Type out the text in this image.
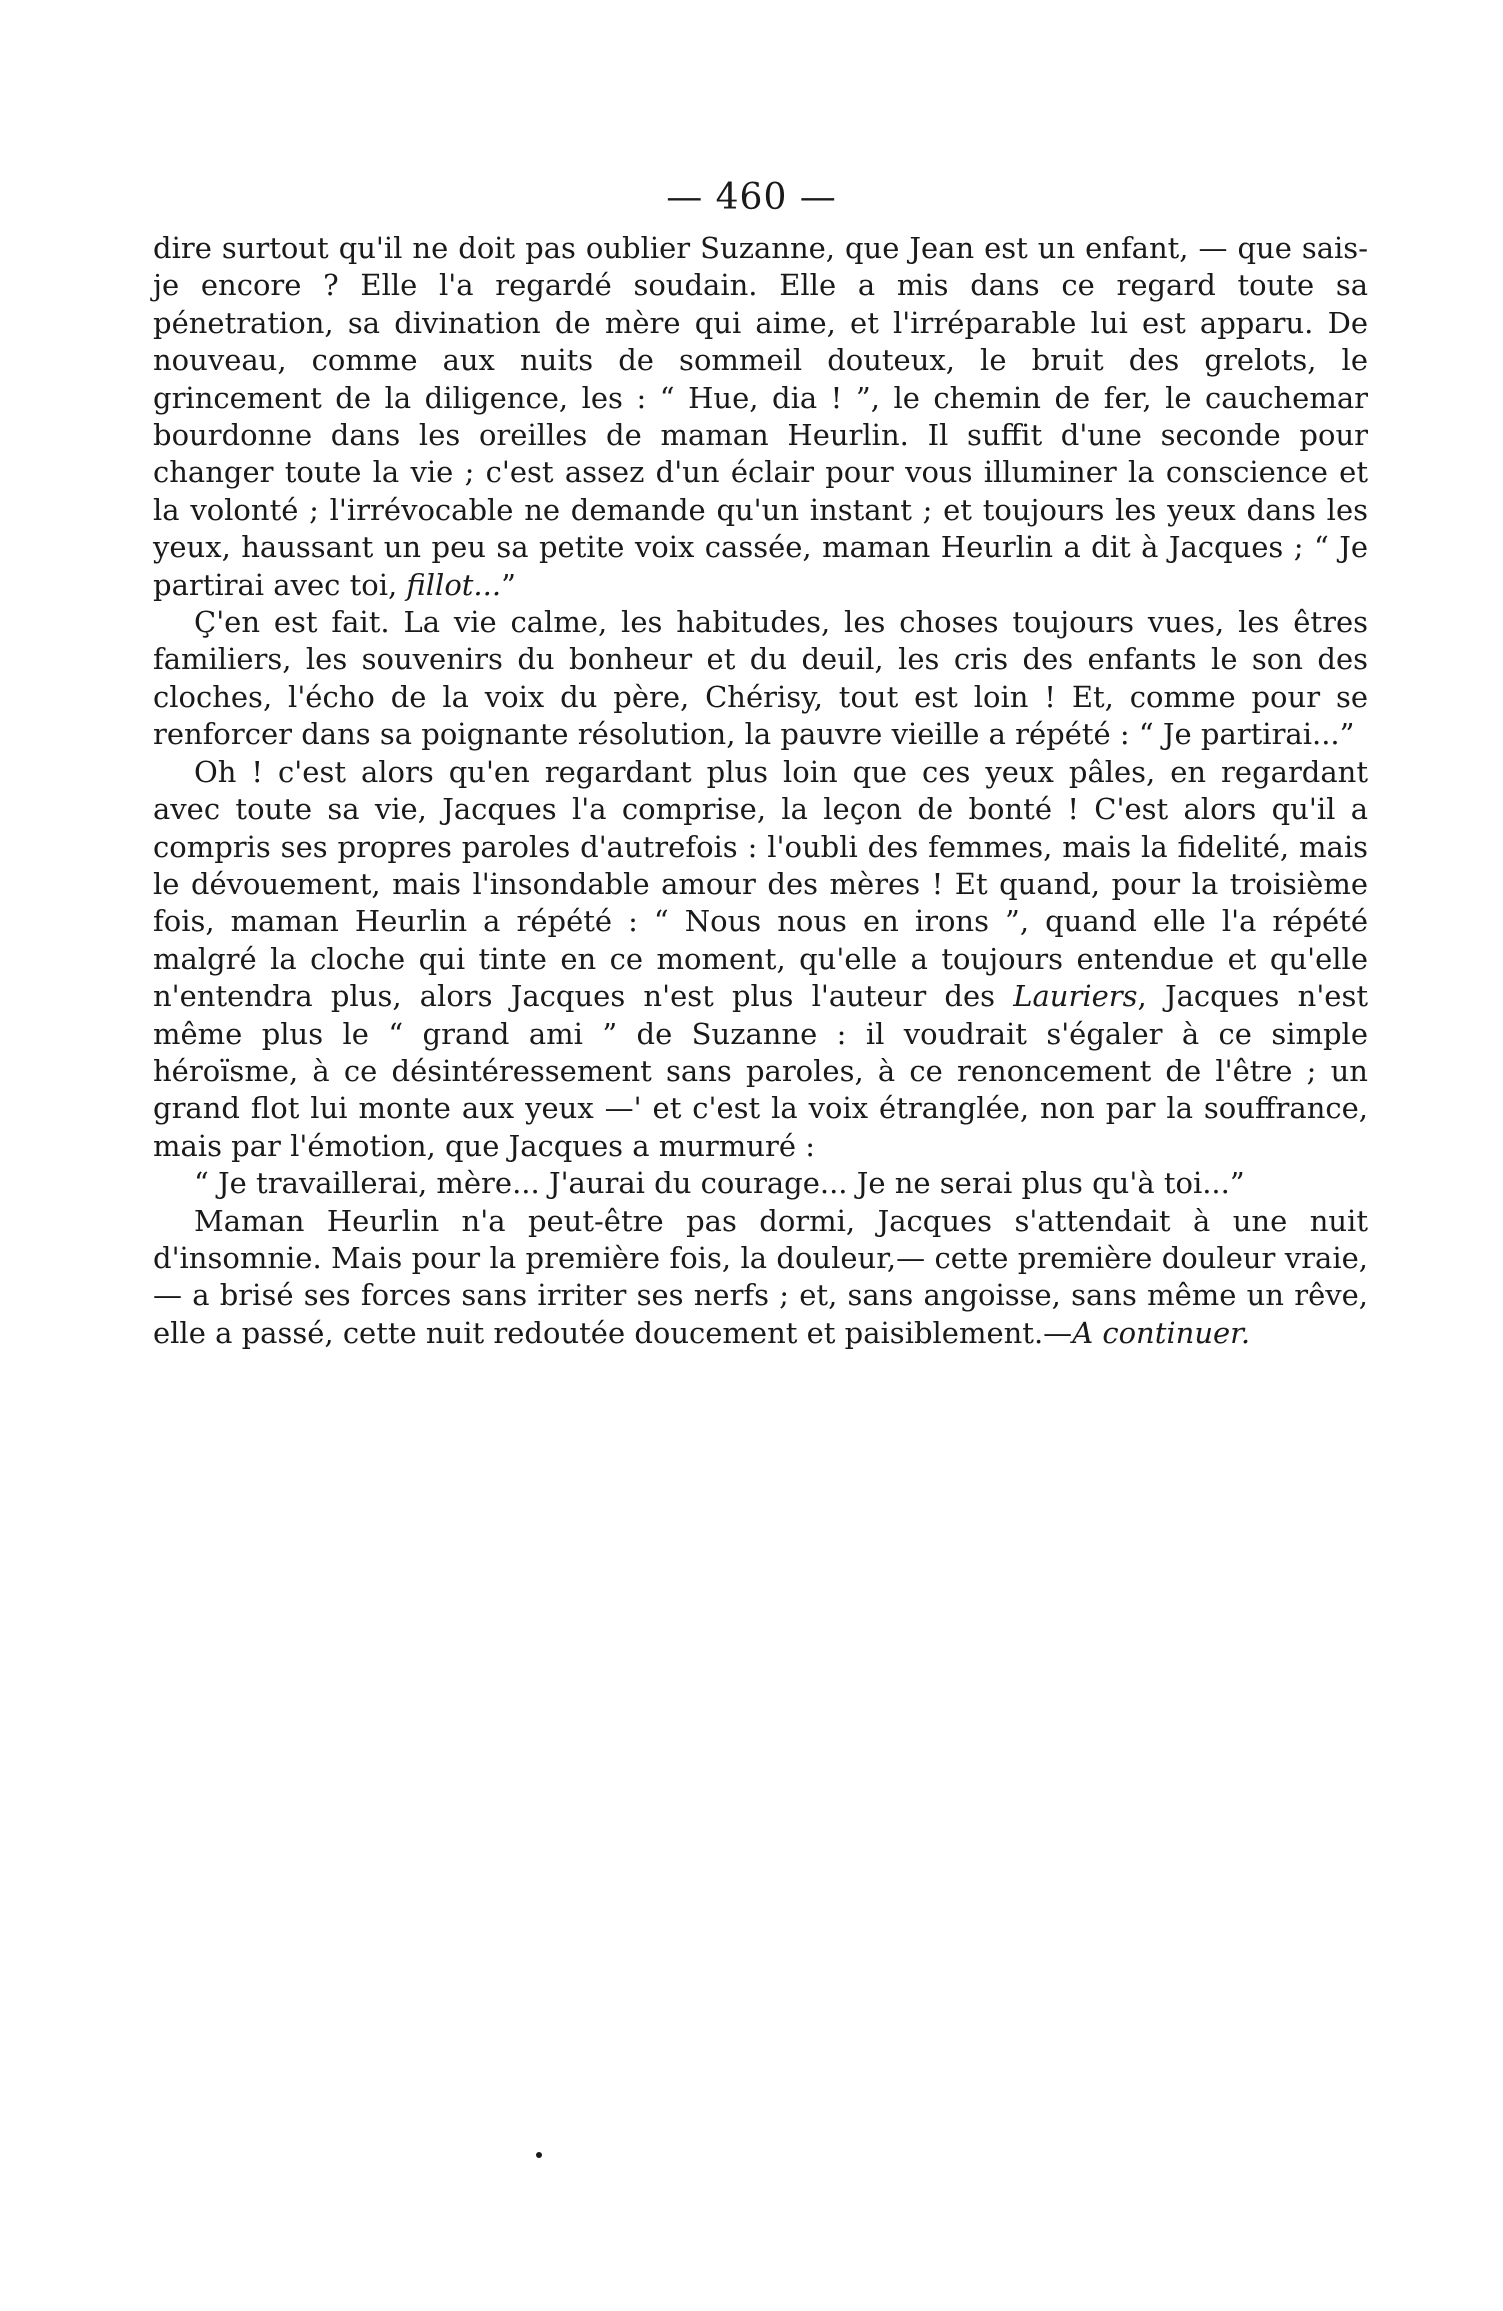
— 460 —

dire surtout qu'il ne doit pas oublier Suzanne, que Jean est un enfant, — que sais-je encore ? Elle l'a regardé soudain. Elle a mis dans ce regard toute sa pénetration, sa divination de mère qui aime, et l'irréparable lui est apparu. De nouveau, comme aux nuits de sommeil douteux, le bruit des grelots, le grincement de la diligence, les : “ Hue, dia ! ”, le chemin de fer, le cauchemar bourdonne dans les oreilles de maman Heurlin. Il suffit d'une seconde pour changer toute la vie ; c'est assez d'un éclair pour vous illuminer la conscience et la volonté ; l'irrévocable ne demande qu'un instant ; et toujours les yeux dans les yeux, haussant un peu sa petite voix cassée, maman Heurlin a dit à Jacques ; “ Je partirai avec toi, fillot...”

Ç'en est fait. La vie calme, les habitudes, les choses toujours vues, les êtres familiers, les souvenirs du bonheur et du deuil, les cris des enfants le son des cloches, l'écho de la voix du père, Chérisy, tout est loin ! Et, comme pour se renforcer dans sa poignante résolution, la pauvre vieille a répété : “ Je partirai...”

Oh ! c'est alors qu'en regardant plus loin que ces yeux pâles, en regardant avec toute sa vie, Jacques l'a comprise, la leçon de bonté ! C'est alors qu'il a compris ses propres paroles d'autrefois : l'oubli des femmes, mais la fidelité, mais le dévouement, mais l'insondable amour des mères ! Et quand, pour la troisième fois, maman Heurlin a répété : “ Nous nous en irons ”, quand elle l'a répété malgré la cloche qui tinte en ce moment, qu'elle a toujours entendue et qu'elle n'entendra plus, alors Jacques n'est plus l'auteur des Lauriers, Jacques n'est même plus le “ grand ami ” de Suzanne : il voudrait s'égaler à ce simple héroïsme, à ce désintéressement sans paroles, à ce renoncement de l'être ; un grand flot lui monte aux yeux —' et c'est la voix étranglée, non par la souffrance, mais par l'émotion, que Jacques a murmuré :

“ Je travaillerai, mère... J'aurai du courage... Je ne serai plus qu'à toi...”

Maman Heurlin n'a peut-être pas dormi, Jacques s'attendait à une nuit d'insomnie. Mais pour la première fois, la douleur,— cette première douleur vraie,— a brisé ses forces sans irriter ses nerfs ; et, sans angoisse, sans même un rêve, elle a passé, cette nuit redoutée doucement et paisiblement.—A continuer.
